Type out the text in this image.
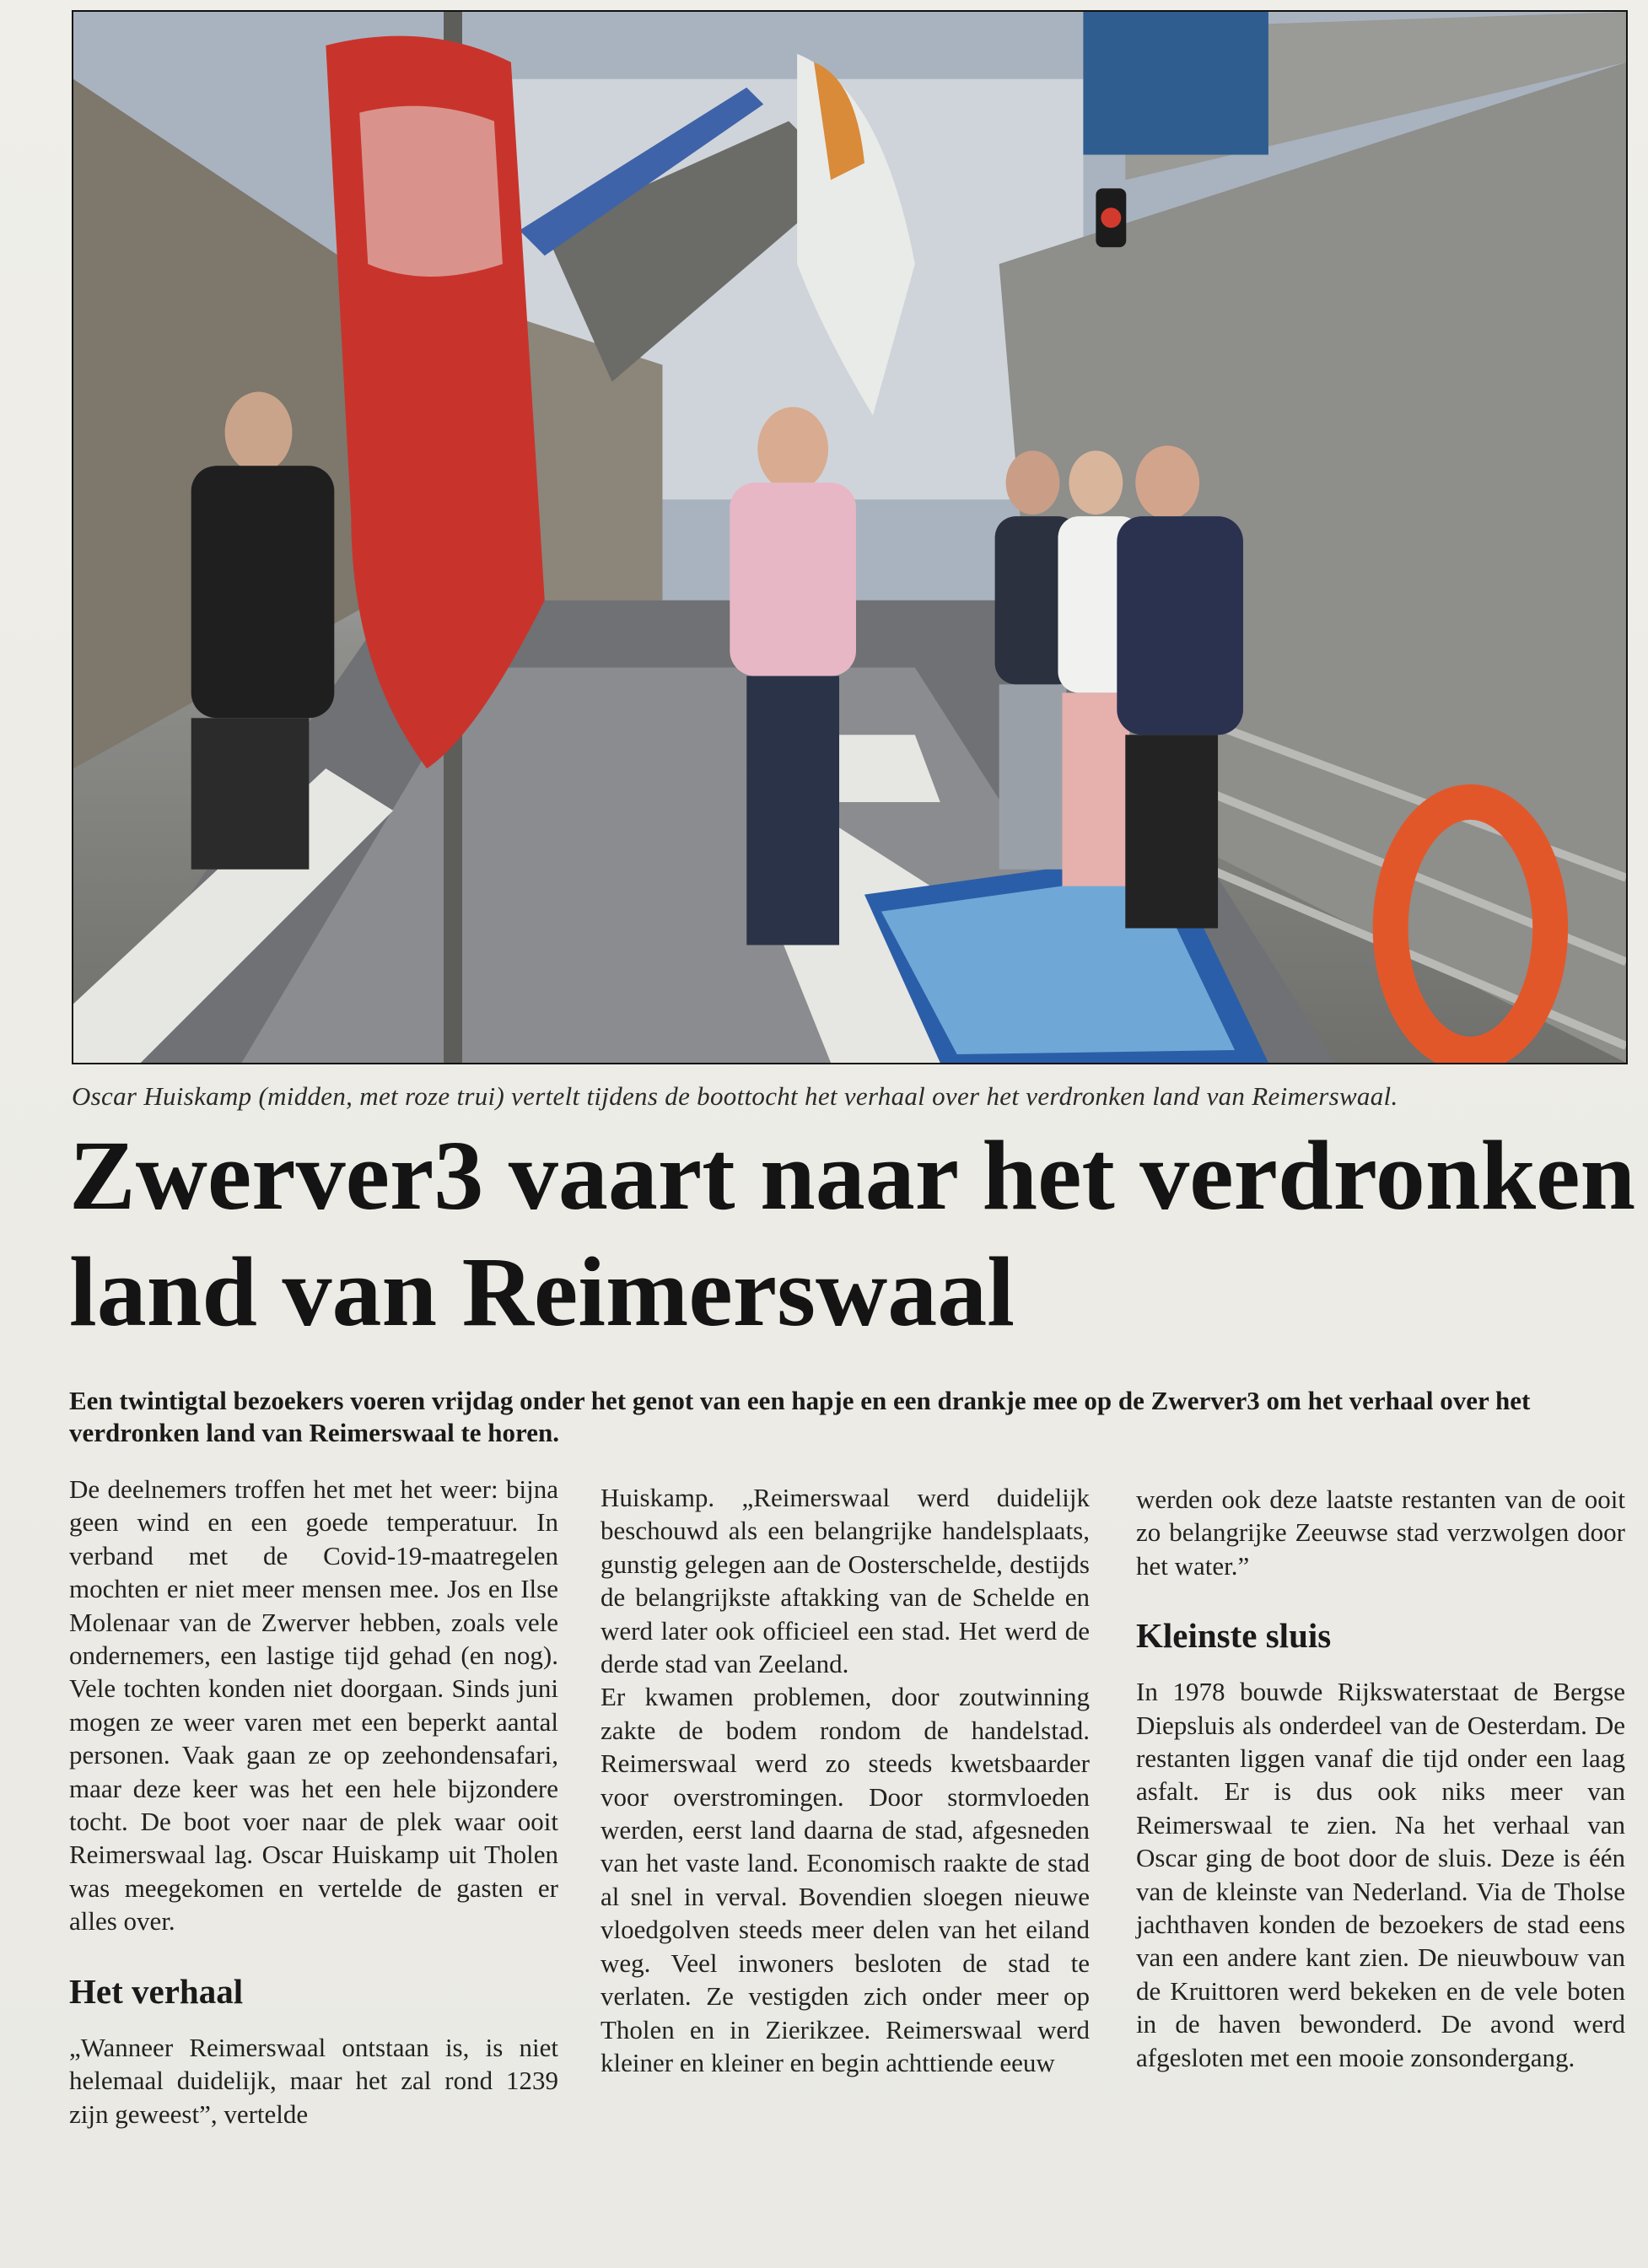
Oscar Huiskamp (midden, met roze trui) vertelt tijdens de boottocht het verhaal over het verdronken land van Reimerswaal.
Zwerver3 vaart naar het verdronken land van Reimerswaal

Een twintigtal bezoekers voeren vrijdag onder het genot van een hapje en een drankje mee op de Zwerver3 om het verhaal over het verdronken land van Reimerswaal te horen.

De deelnemers troffen het met het weer: bijna geen wind en een goede temperatuur. In verband met de Covid-19-maatregelen mochten er niet meer mensen mee. Jos en Ilse Molenaar van de Zwerver hebben, zoals vele ondernemers, een lastige tijd gehad (en nog). Vele tochten konden niet doorgaan. Sinds juni mogen ze weer varen met een beperkt aantal personen. Vaak gaan ze op zeehondensafari, maar deze keer was het een hele bijzondere tocht. De boot voer naar de plek waar ooit Reimerswaal lag. Oscar Huiskamp uit Tholen was meegekomen en vertelde de gasten er alles over.

Het verhaal

„Wanneer Reimerswaal ontstaan is, is niet helemaal duidelijk, maar het zal rond 1239 zijn geweest”, vertelde

Huiskamp. „Reimerswaal werd duidelijk beschouwd als een belangrijke handelsplaats, gunstig gelegen aan de Oosterschelde, destijds de belangrijkste aftakking van de Schelde en werd later ook officieel een stad. Het werd de derde stad van Zeeland.

Er kwamen problemen, door zoutwinning zakte de bodem rondom de handelstad. Reimerswaal werd zo steeds kwetsbaarder voor overstromingen. Door stormvloeden werden, eerst land daarna de stad, afgesneden van het vaste land. Economisch raakte de stad al snel in verval. Bovendien sloegen nieuwe vloedgolven steeds meer delen van het eiland weg. Veel inwoners besloten de stad te verlaten. Ze vestigden zich onder meer op Tholen en in Zierikzee. Reimerswaal werd kleiner en kleiner en begin achttiende eeuw

werden ook deze laatste restanten van de ooit zo belangrijke Zeeuwse stad verzwolgen door het water.”

Kleinste sluis

In 1978 bouwde Rijkswaterstaat de Bergse Diepsluis als onderdeel van de Oesterdam. De restanten liggen vanaf die tijd onder een laag asfalt. Er is dus ook niks meer van Reimerswaal te zien. Na het verhaal van Oscar ging de boot door de sluis. Deze is één van de kleinste van Nederland. Via de Tholse jachthaven konden de bezoekers de stad eens van een andere kant zien. De nieuwbouw van de Kruittoren werd bekeken en de vele boten in de haven bewonderd. De avond werd afgesloten met een mooie zonsondergang.
